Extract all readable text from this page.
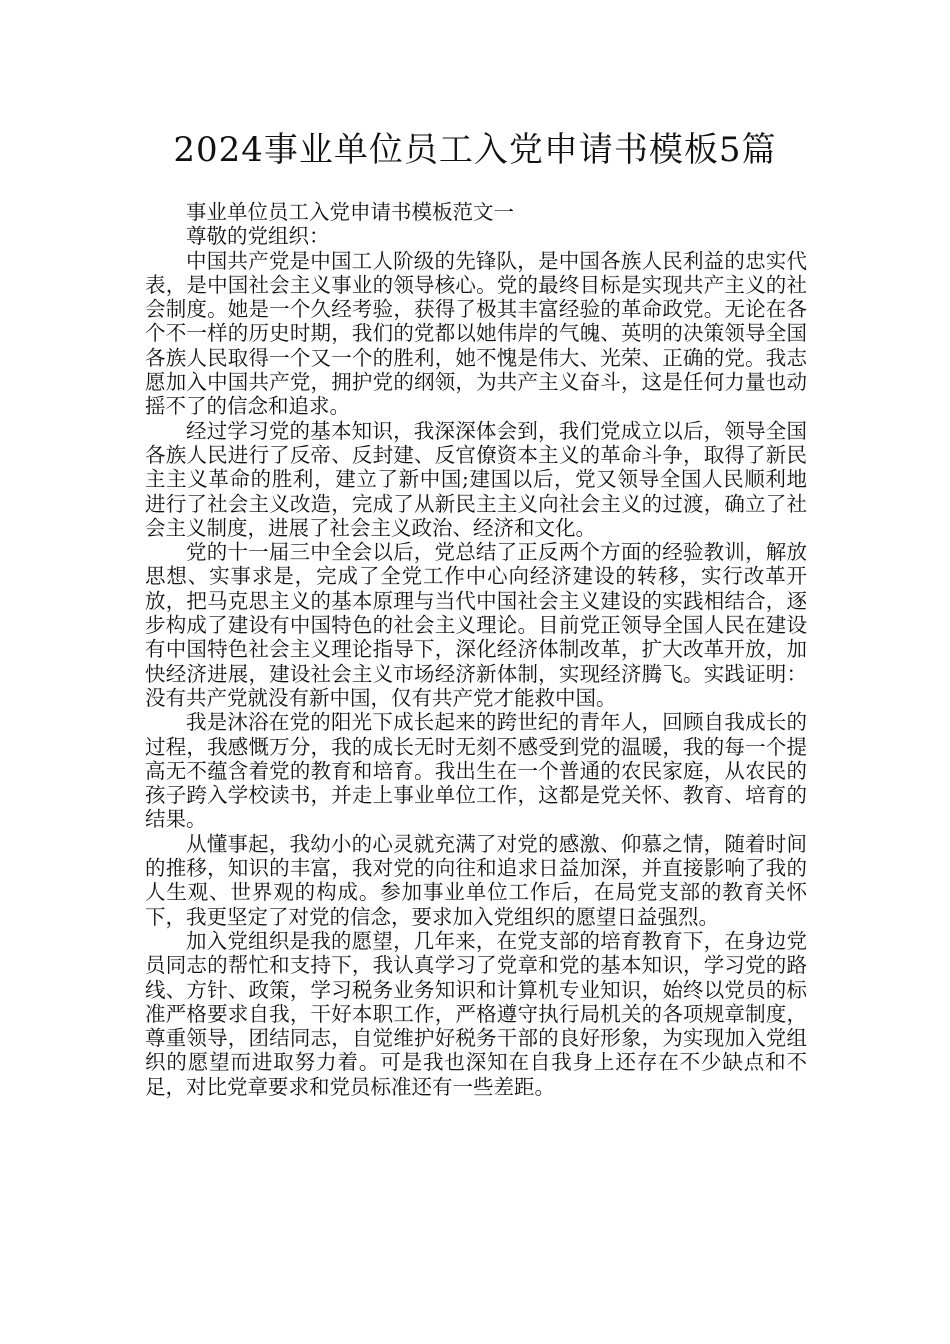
2024事业单位员工入党申请书模板5篇

事业单位员工入党申请书模板范文一

尊敬的党组织：

中国共产党是中国工人阶级的先锋队，是中国各族人民利益的忠实代表，是中国社会主义事业的领导核心。党的最终目标是实现共产主义的社会制度。她是一个久经考验，获得了极其丰富经验的革命政党。无论在各个不一样的历史时期，我们的党都以她伟岸的气魄、英明的决策领导全国各族人民取得一个又一个的胜利，她不愧是伟大、光荣、正确的党。我志愿加入中国共产党，拥护党的纲领，为共产主义奋斗，这是任何力量也动摇不了的信念和追求。

经过学习党的基本知识，我深深体会到，我们党成立以后，领导全国各族人民进行了反帝、反封建、反官僚资本主义的革命斗争，取得了新民主主义革命的胜利，建立了新中国;建国以后，党又领导全国人民顺利地进行了社会主义改造，完成了从新民主主义向社会主义的过渡，确立了社会主义制度，进展了社会主义政治、经济和文化。

党的十一届三中全会以后，党总结了正反两个方面的经验教训，解放思想、实事求是，完成了全党工作中心向经济建设的转移，实行改革开放，把马克思主义的基本原理与当代中国社会主义建设的实践相结合，逐步构成了建设有中国特色的社会主义理论。目前党正领导全国人民在建设有中国特色社会主义理论指导下，深化经济体制改革，扩大改革开放，加快经济进展，建设社会主义市场经济新体制，实现经济腾飞。实践证明：没有共产党就没有新中国，仅有共产党才能救中国。

我是沐浴在党的阳光下成长起来的跨世纪的青年人，回顾自我成长的过程，我感慨万分，我的成长无时无刻不感受到党的温暖，我的每一个提高无不蕴含着党的教育和培育。我出生在一个普通的农民家庭，从农民的孩子跨入学校读书，并走上事业单位工作，这都是党关怀、教育、培育的结果。

从懂事起，我幼小的心灵就充满了对党的感激、仰慕之情，随着时间的推移，知识的丰富，我对党的向往和追求日益加深，并直接影响了我的人生观、世界观的构成。参加事业单位工作后，在局党支部的教育关怀下，我更坚定了对党的信念，要求加入党组织的愿望日益强烈。

加入党组织是我的愿望，几年来，在党支部的培育教育下，在身边党员同志的帮忙和支持下，我认真学习了党章和党的基本知识，学习党的路线、方针、政策，学习税务业务知识和计算机专业知识，始终以党员的标准严格要求自我，干好本职工作，严格遵守执行局机关的各项规章制度，尊重领导，团结同志，自觉维护好税务干部的良好形象，为实现加入党组织的愿望而进取努力着。可是我也深知在自我身上还存在不少缺点和不足，对比党章要求和党员标准还有一些差距。
